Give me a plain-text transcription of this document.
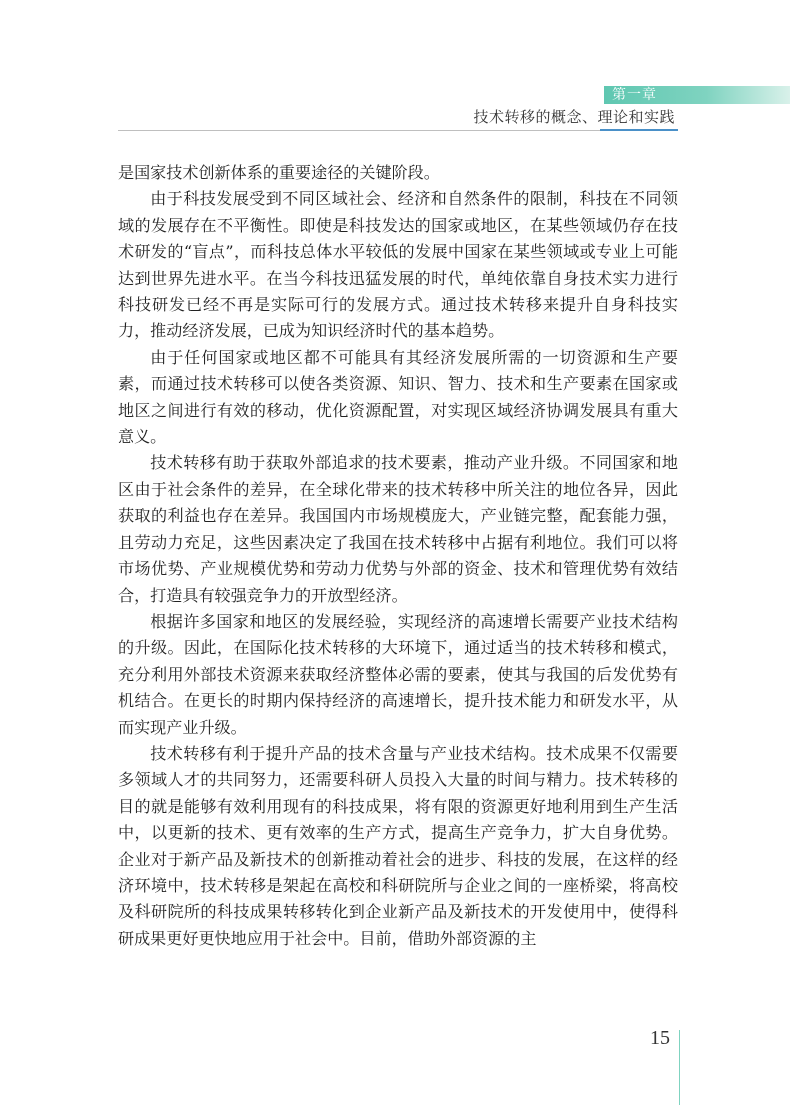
第一章
技术转移的概念、理论和实践

是国家技术创新体系的重要途径的关键阶段。

由于科技发展受到不同区域社会、经济和自然条件的限制，科技在不同领域的发展存在不平衡性。即使是科技发达的国家或地区，在某些领域仍存在技术研发的“盲点”，而科技总体水平较低的发展中国家在某些领域或专业上可能达到世界先进水平。在当今科技迅猛发展的时代，单纯依靠自身技术实力进行科技研发已经不再是实际可行的发展方式。通过技术转移来提升自身科技实力，推动经济发展，已成为知识经济时代的基本趋势。

由于任何国家或地区都不可能具有其经济发展所需的一切资源和生产要素，而通过技术转移可以使各类资源、知识、智力、技术和生产要素在国家或地区之间进行有效的移动，优化资源配置，对实现区域经济协调发展具有重大意义。

技术转移有助于获取外部追求的技术要素，推动产业升级。不同国家和地区由于社会条件的差异，在全球化带来的技术转移中所关注的地位各异，因此获取的利益也存在差异。我国国内市场规模庞大，产业链完整，配套能力强，且劳动力充足，这些因素决定了我国在技术转移中占据有利地位。我们可以将市场优势、产业规模优势和劳动力优势与外部的资金、技术和管理优势有效结合，打造具有较强竞争力的开放型经济。

根据许多国家和地区的发展经验，实现经济的高速增长需要产业技术结构的升级。因此，在国际化技术转移的大环境下，通过适当的技术转移和模式，充分利用外部技术资源来获取经济整体必需的要素，使其与我国的后发优势有机结合。在更长的时期内保持经济的高速增长，提升技术能力和研发水平，从而实现产业升级。

技术转移有利于提升产品的技术含量与产业技术结构。技术成果不仅需要多领域人才的共同努力，还需要科研人员投入大量的时间与精力。技术转移的目的就是能够有效利用现有的科技成果，将有限的资源更好地利用到生产生活中，以更新的技术、更有效率的生产方式，提高生产竞争力，扩大自身优势。企业对于新产品及新技术的创新推动着社会的进步、科技的发展，在这样的经济环境中，技术转移是架起在高校和科研院所与企业之间的一座桥梁，将高校及科研院所的科技成果转移转化到企业新产品及新技术的开发使用中，使得科研成果更好更快地应用于社会中。目前，借助外部资源的主

15
